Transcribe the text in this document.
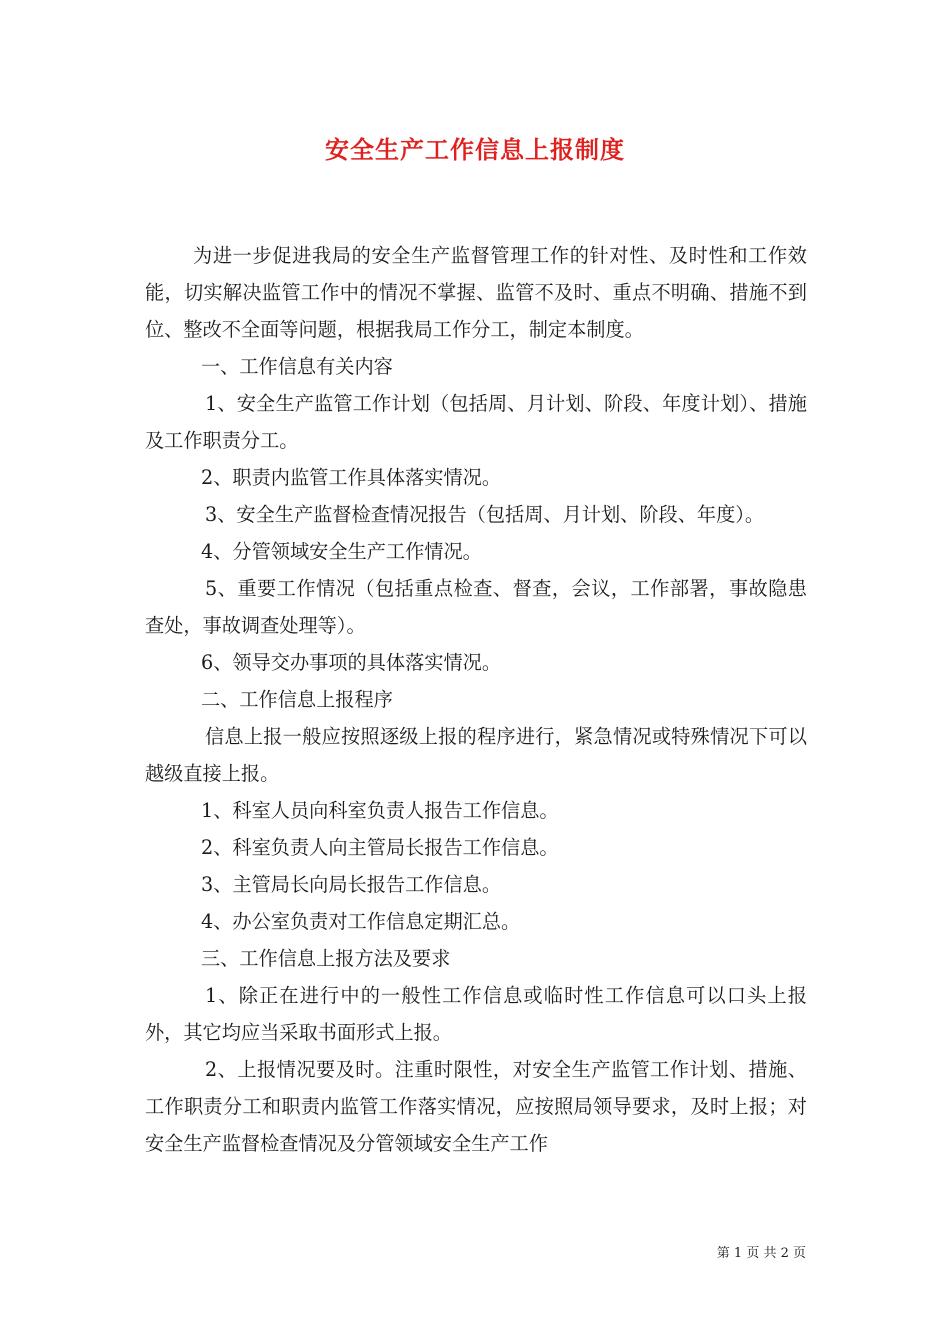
安全生产工作信息上报制度

为进一步促进我局的安全生产监督管理工作的针对性、及时性和工作效能，切实解决监管工作中的情况不掌握、监管不及时、重点不明确、措施不到位、整改不全面等问题，根据我局工作分工，制定本制度。

一、工作信息有关内容

1、安全生产监管工作计划（包括周、月计划、阶段、年度计划）、措施及工作职责分工。

2、职责内监管工作具体落实情况。

3、安全生产监督检查情况报告（包括周、月计划、阶段、年度）。

4、分管领域安全生产工作情况。

5、重要工作情况（包括重点检查、督查，会议，工作部署，事故隐患查处，事故调查处理等）。

6、领导交办事项的具体落实情况。

二、工作信息上报程序

信息上报一般应按照逐级上报的程序进行，紧急情况或特殊情况下可以越级直接上报。

1、科室人员向科室负责人报告工作信息。

2、科室负责人向主管局长报告工作信息。

3、主管局长向局长报告工作信息。

4、办公室负责对工作信息定期汇总。

三、工作信息上报方法及要求

1、除正在进行中的一般性工作信息或临时性工作信息可以口头上报外，其它均应当采取书面形式上报。

2、上报情况要及时。注重时限性，对安全生产监管工作计划、措施、工作职责分工和职责内监管工作落实情况，应按照局领导要求，及时上报；对安全生产监督检查情况及分管领域安全生产工作

第 1 页 共 2 页
